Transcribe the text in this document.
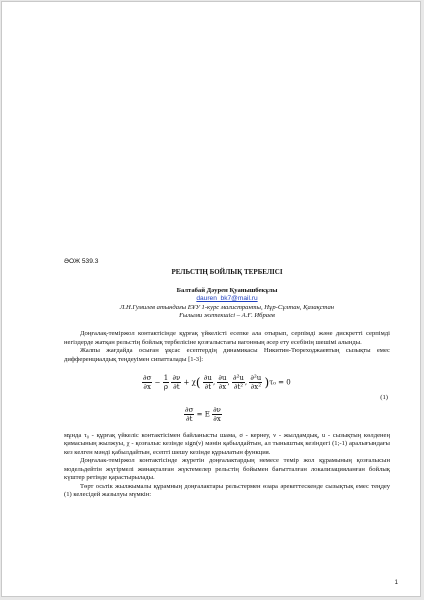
ӘОЖ 539.3
РЕЛЬСТІҢ БОЙЛЫҚ ТЕРБЕЛІСІ
Балтабай Дәурен Қуанышбекұлы
dauren_bk7@mail.ru
Л.Н.Гумилев атындағы ЕҰУ 1-курс магистранты, Нұр-Сұлтан, Қазақстан
Ғылыми жетекшісі – А.Ғ. Ибраев

Доңғалақ-темiржол контактісінде құрғақ үйкелісті есепке ала отырып, серпімді және дискретті серпімді негіздерде жатқан рельстің бойлық тербелісіне қозғалыстағы вагонның әсер ету есебінің шешімі алынды.

Жалпы жағдайда осыған ұқсас есептердің динамикасы Никитин-Тюреходжаевтың сызықты емес дифференциалдық теңдеуімен сипатталады [1-3]:

$\frac{\partial\sigma}{\partial x} - \frac{1}{\rho}$
$\frac{\partial\nu}{\partial t} + \chi( \frac{\partial u}{\partial t}$ , $\frac{\partial u}{\partial x}$ , $\frac{\text{∂²u}}{\text{∂t²}}$ , $\frac{\text{∂²u}}{\text{∂x²}} )\tau_0 = 0$
$\frac{\partial\sigma}{\partial t} = E \frac{\partial\nu}{\partial x}$
(1)

мұнда τ₀ - құрғақ үйкеліс контактісімен байланысты шама, σ - кернеу, ν - жылдамдық, u - сызықтың көлденең қимасының жылжуы, χ - қозғалыс кезінде sign(ν) мәнін қабылдайтын, ал тыныштық кезіндегі (1;-1) аралығындағы кез келген мәнді қабылдайтын, есепті шешу кезінде құрылатын функция.

Доңғалак-темiржол контактісінде жүретін доңғалактардың немесе темір жол құрамының қозғалысын модельдейтін жүгірмелі жинақталған жүктемелер рельстің бойымен бағытталған локализацияланған бойлық күштер ретінде қарастырылады.

Төрт осьтік жылжымалы құрамның доңғалактары рельстермен өзара әрекеттескенде сызықтық емес теңдеу (1) келесідей жазылуы мүмкін:

1
